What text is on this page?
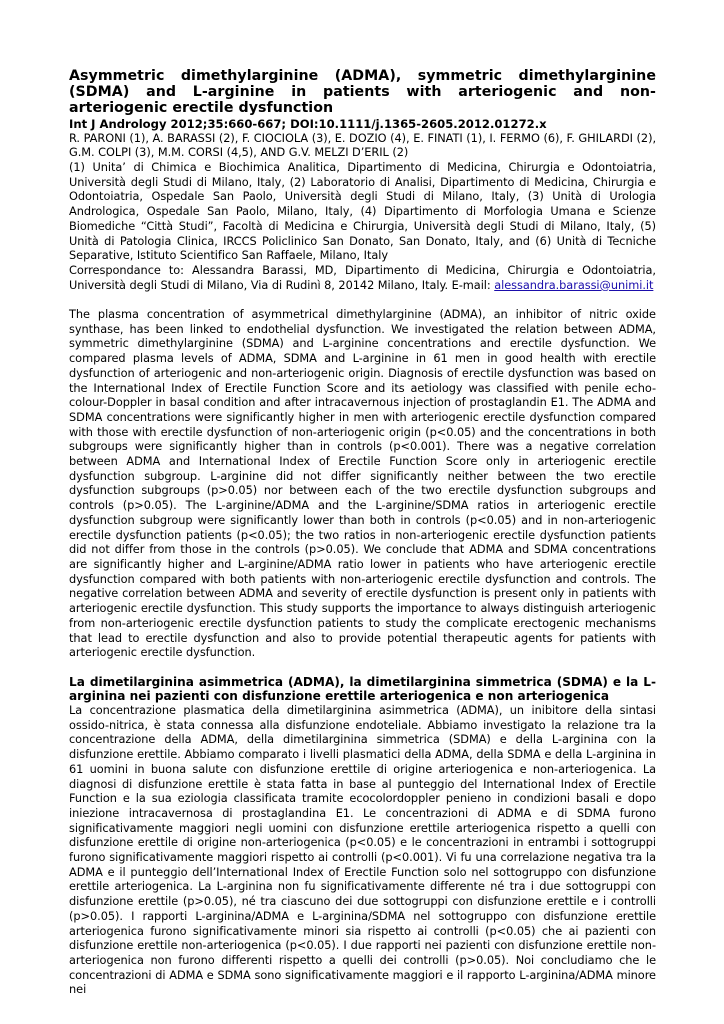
Asymmetric dimethylarginine (ADMA), symmetric dimethylarginine (SDMA) and L-arginine in patients with arteriogenic and non-arteriogenic erectile dysfunction

Int J Andrology 2012;35:660-667; DOI:10.1111/j.1365-2605.2012.01272.x

R. PARONI (1), A. BARASSI (2), F. CIOCIOLA (3), E. DOZIO (4), E. FINATI (1), I. FERMO (6), F. GHILARDI (2), G.M. COLPI (3), M.M. CORSI (4,5), AND G.V. MELZI D’ERIL (2)

(1) Unita’ di Chimica e Biochimica Analitica, Dipartimento di Medicina, Chirurgia e Odontoiatria, Università degli Studi di Milano, Italy, (2) Laboratorio di Analisi, Dipartimento di Medicina, Chirurgia e Odontoiatria, Ospedale San Paolo, Università degli Studi di Milano, Italy, (3) Unità di Urologia Andrologica, Ospedale San Paolo, Milano, Italy, (4) Dipartimento di Morfologia Umana e Scienze Biomediche “Città Studi”, Facoltà di Medicina e Chirurgia, Università degli Studi di Milano, Italy, (5) Unità di Patologia Clinica, IRCCS Policlinico San Donato, San Donato, Italy, and (6) Unità di Tecniche Separative, Istituto Scientifico San Raffaele, Milano, Italy

Correspondance to: Alessandra Barassi, MD, Dipartimento di Medicina, Chirurgia e Odontoiatria, Università degli Studi di Milano, Via di Rudinì 8, 20142 Milano, Italy. E-mail: alessandra.barassi@unimi.it

The plasma concentration of asymmetrical dimethylarginine (ADMA), an inhibitor of nitric oxide synthase, has been linked to endothelial dysfunction. We investigated the relation between ADMA, symmetric dimethylarginine (SDMA) and L-arginine concentrations and erectile dysfunction. We compared plasma levels of ADMA, SDMA and L-arginine in 61 men in good health with erectile dysfunction of arteriogenic and non-arteriogenic origin. Diagnosis of erectile dysfunction was based on the International Index of Erectile Function Score and its aetiology was classified with penile echo-colour-Doppler in basal condition and after intracavernous injection of prostaglandin E1. The ADMA and SDMA concentrations were significantly higher in men with arteriogenic erectile dysfunction compared with those with erectile dysfunction of non-arteriogenic origin (p<0.05) and the concentrations in both subgroups were significantly higher than in controls (p<0.001). There was a negative correlation between ADMA and International Index of Erectile Function Score only in arteriogenic erectile dysfunction subgroup. L-arginine did not differ significantly neither between the two erectile dysfunction subgroups (p>0.05) nor between each of the two erectile dysfunction subgroups and controls (p>0.05). The L-arginine/ADMA and the L-arginine/SDMA ratios in arteriogenic erectile dysfunction subgroup were significantly lower than both in controls (p<0.05) and in non-arteriogenic erectile dysfunction patients (p<0.05); the two ratios in non-arteriogenic erectile dysfunction patients did not differ from those in the controls (p>0.05). We conclude that ADMA and SDMA concentrations are significantly higher and L-arginine/ADMA ratio lower in patients who have arteriogenic erectile dysfunction compared with both patients with non-arteriogenic erectile dysfunction and controls. The negative correlation between ADMA and severity of erectile dysfunction is present only in patients with arteriogenic erectile dysfunction. This study supports the importance to always distinguish arteriogenic from non-arteriogenic erectile dysfunction patients to study the complicate erectogenic mechanisms that lead to erectile dysfunction and also to provide potential therapeutic agents for patients with arteriogenic erectile dysfunction.

La dimetilarginina asimmetrica (ADMA), la dimetilarginina simmetrica (SDMA) e la L-arginina nei pazienti con disfunzione erettile arteriogenica e non arteriogenica

La concentrazione plasmatica della dimetilarginina asimmetrica (ADMA), un inibitore della sintasi ossido-nitrica, è stata connessa alla disfunzione endoteliale. Abbiamo investigato la relazione tra la concentrazione della ADMA, della dimetilarginina simmetrica (SDMA) e della L-arginina con la disfunzione erettile. Abbiamo comparato i livelli plasmatici della ADMA, della SDMA e della L-arginina in 61 uomini in buona salute con disfunzione erettile di origine arteriogenica e non-arteriogenica. La diagnosi di disfunzione erettile è stata fatta in base al punteggio del International Index of Erectile Function e la sua eziologia classificata tramite ecocolordoppler penieno in condizioni basali e dopo iniezione intracavernosa di prostaglandina E1. Le concentrazioni di ADMA e di SDMA furono significativamente maggiori negli uomini con disfunzione erettile arteriogenica rispetto a quelli con disfunzione erettile di origine non-arteriogenica (p<0.05) e le concentrazioni in entrambi i sottogruppi furono significativamente maggiori rispetto ai controlli (p<0.001). Vi fu una correlazione negativa tra la ADMA e il punteggio dell’International Index of Erectile Function solo nel sottogruppo con disfunzione erettile arteriogenica. La L-arginina non fu significativamente differente né tra i due sottogruppi con disfunzione erettile (p>0.05), né tra ciascuno dei due sottogruppi con disfunzione erettile e i controlli (p>0.05). I rapporti L-arginina/ADMA e L-arginina/SDMA nel sottogruppo con disfunzione erettile arteriogenica furono significativamente minori sia rispetto ai controlli (p<0.05) che ai pazienti con disfunzione erettile non-arteriogenica (p<0.05). I due rapporti nei pazienti con disfunzione erettile non-arteriogenica non furono differenti rispetto a quelli dei controlli (p>0.05). Noi concludiamo che le concentrazioni di ADMA e SDMA sono significativamente maggiori e il rapporto L-arginina/ADMA minore nei
